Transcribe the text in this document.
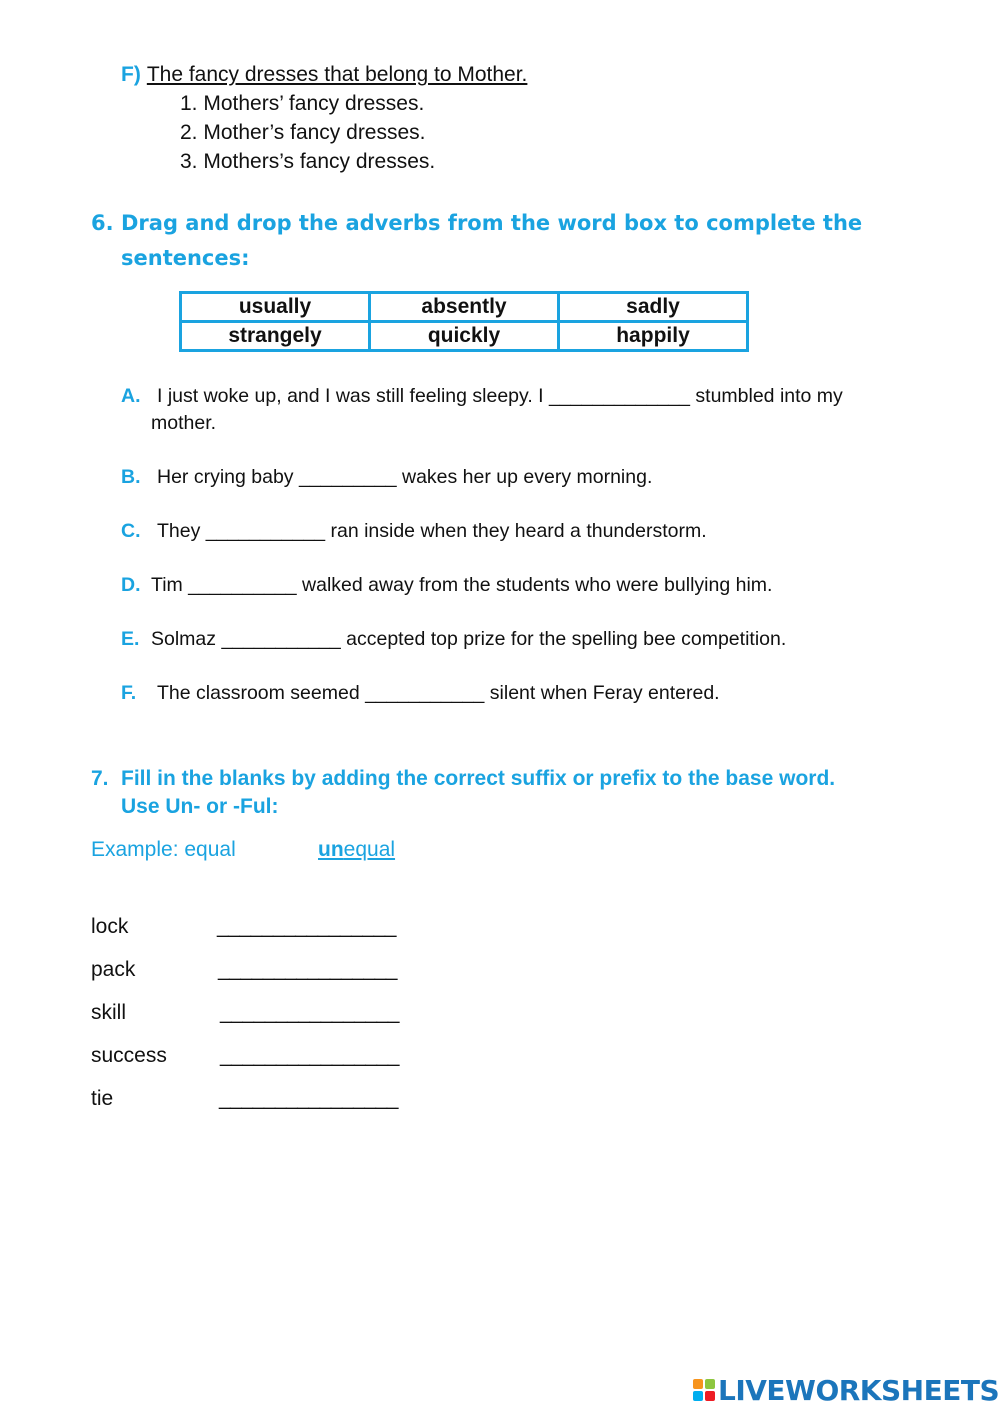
F) The fancy dresses that belong to Mother.
1. Mothers’ fancy dresses.
2. Mother’s fancy dresses.
3. Mothers’s fancy dresses.
6. Drag and drop the adverbs from the word box to complete the sentences:
usually	absently	sadly
strangely	quickly	happily
A. I just woke up, and I was still feeling sleepy. I _____________ stumbled into my
mother.
B. Her crying baby _________ wakes her up every morning.
C. They ___________ ran inside when they heard a thunderstorm.
D. Tim __________ walked away from the students who were bullying him.
E. Solmaz ___________ accepted top prize for the spelling bee competition.
F. The classroom seemed ___________ silent when Feray entered.
7. Fill in the blanks by adding the correct suffix or prefix to the base word.
Use Un- or -Ful:
Example: equal	unequal
lock	________________
pack	________________
skill	________________
success	________________
tie	________________
LIVEWORKSHEETS
